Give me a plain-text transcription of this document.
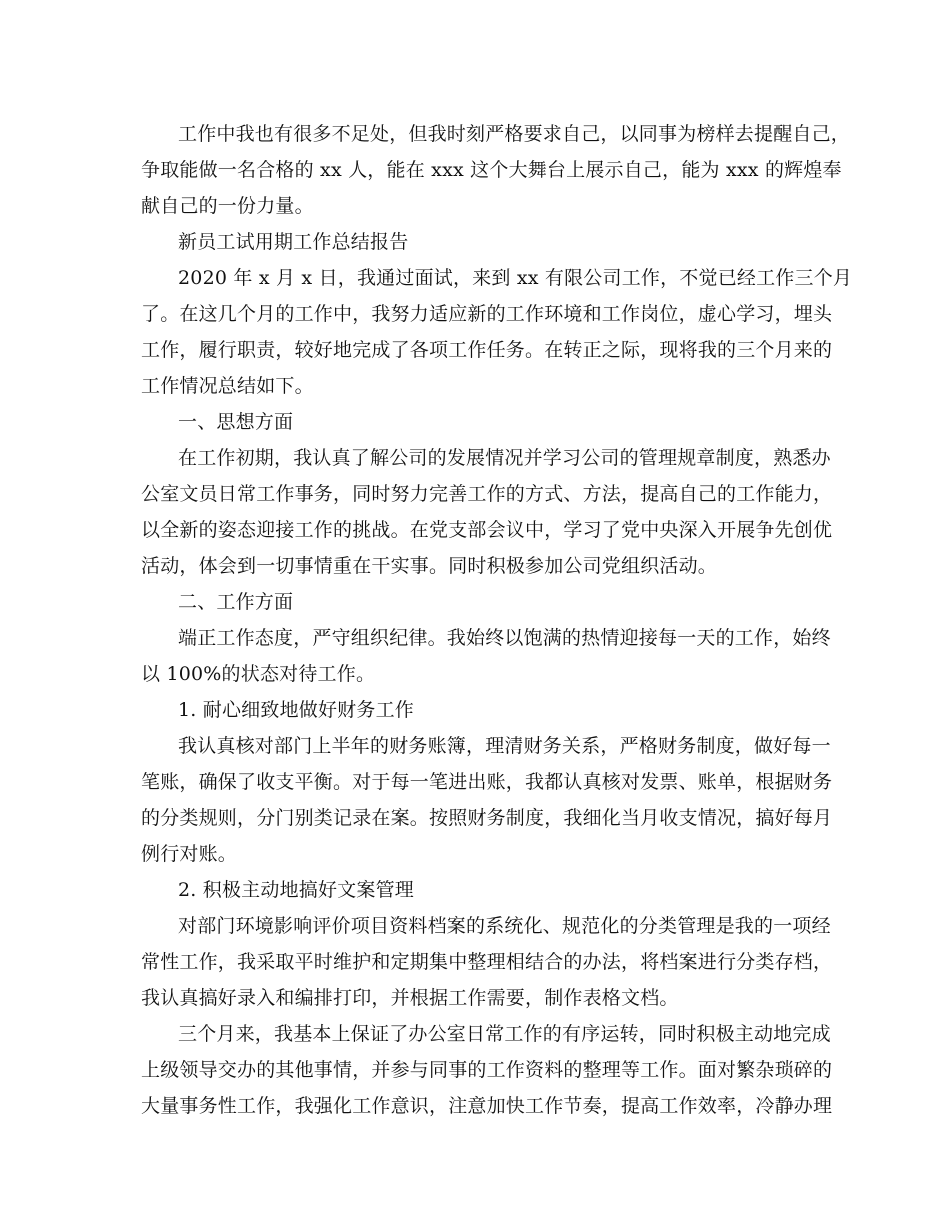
工作中我也有很多不足处，但我时刻严格要求自己，以同事为榜样去提醒自己，
争取能做一名合格的 xx 人，能在 xxx 这个大舞台上展示自己，能为 xxx 的辉煌奉
献自己的一份力量。
新员工试用期工作总结报告
2020 年 x 月 x 日，我通过面试，来到 xx 有限公司工作，不觉已经工作三个月
了。在这几个月的工作中，我努力适应新的工作环境和工作岗位，虚心学习，埋头
工作，履行职责，较好地完成了各项工作任务。在转正之际，现将我的三个月来的
工作情况总结如下。
一、思想方面
在工作初期，我认真了解公司的发展情况并学习公司的管理规章制度，熟悉办
公室文员日常工作事务，同时努力完善工作的方式、方法，提高自己的工作能力，
以全新的姿态迎接工作的挑战。在党支部会议中，学习了党中央深入开展争先创优
活动，体会到一切事情重在干实事。同时积极参加公司党组织活动。
二、工作方面
端正工作态度，严守组织纪律。我始终以饱满的热情迎接每一天的工作，始终
以 100%的状态对待工作。
1. 耐心细致地做好财务工作
我认真核对部门上半年的财务账簿，理清财务关系，严格财务制度，做好每一
笔账，确保了收支平衡。对于每一笔进出账，我都认真核对发票、账单，根据财务
的分类规则，分门别类记录在案。按照财务制度，我细化当月收支情况，搞好每月
例行对账。
2. 积极主动地搞好文案管理
对部门环境影响评价项目资料档案的系统化、规范化的分类管理是我的一项经
常性工作，我采取平时维护和定期集中整理相结合的办法，将档案进行分类存档，
我认真搞好录入和编排打印，并根据工作需要，制作表格文档。
三个月来，我基本上保证了办公室日常工作的有序运转，同时积极主动地完成
上级领导交办的其他事情，并参与同事的工作资料的整理等工作。面对繁杂琐碎的
大量事务性工作，我强化工作意识，注意加快工作节奏，提高工作效率，冷静办理
